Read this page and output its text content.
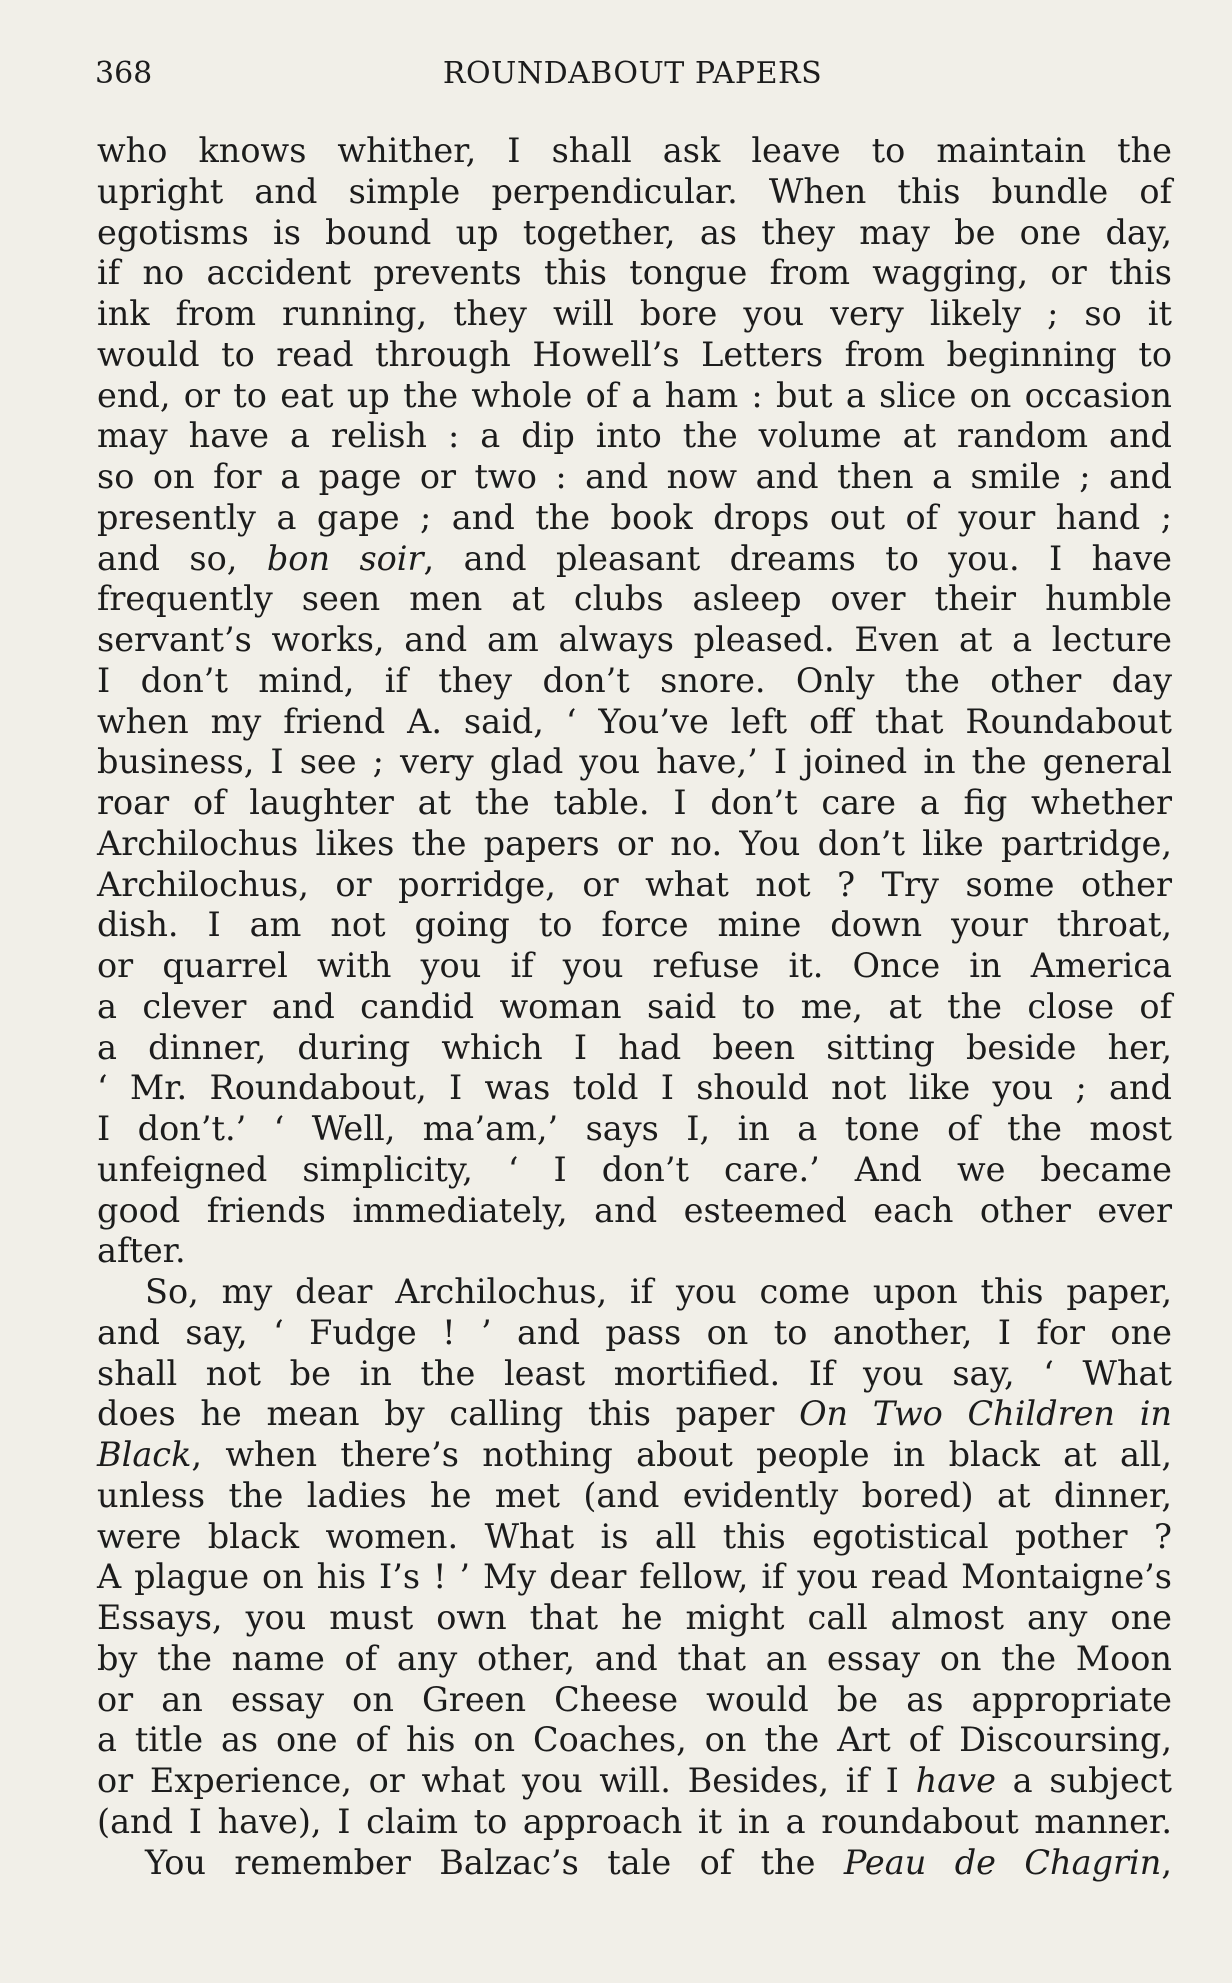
368	ROUNDABOUT PAPERS
who knows whither, I shall ask leave to maintain the
upright and simple perpendicular. When this bundle of
egotisms is bound up together, as they may be one day,
if no accident prevents this tongue from wagging, or this
ink from running, they will bore you very likely ; so it
would to read through Howell’s Letters from beginning to
end, or to eat up the whole of a ham : but a slice on occasion
may have a relish : a dip into the volume at random and
so on for a page or two : and now and then a smile ; and
presently a gape ; and the book drops out of your hand ;
and so, bon soir, and pleasant dreams to you. I have
frequently seen men at clubs asleep over their humble
servant’s works, and am always pleased. Even at a lecture
I don’t mind, if they don’t snore. Only the other day
when my friend A. said, ‘ You’ve left off that Roundabout
business, I see ; very glad you have,’ I joined in the general
roar of laughter at the table. I don’t care a fig whether
Archilochus likes the papers or no. You don’t like partridge,
Archilochus, or porridge, or what not ? Try some other
dish. I am not going to force mine down your throat,
or quarrel with you if you refuse it. Once in America
a clever and candid woman said to me, at the close of
a dinner, during which I had been sitting beside her,
‘ Mr. Roundabout, I was told I should not like you ; and
I don’t.’ ‘ Well, ma’am,’ says I, in a tone of the most
unfeigned simplicity, ‘ I don’t care.’ And we became
good friends immediately, and esteemed each other ever
after.
So, my dear Archilochus, if you come upon this paper,
and say, ‘ Fudge ! ’ and pass on to another, I for one
shall not be in the least mortified. If you say, ‘ What
does he mean by calling this paper On Two Children in
Black, when there’s nothing about people in black at all,
unless the ladies he met (and evidently bored) at dinner,
were black women. What is all this egotistical pother ?
A plague on his I’s ! ’ My dear fellow, if you read Montaigne’s
Essays, you must own that he might call almost any one
by the name of any other, and that an essay on the Moon
or an essay on Green Cheese would be as appropriate
a title as one of his on Coaches, on the Art of Discoursing,
or Experience, or what you will. Besides, if I have a subject
(and I have), I claim to approach it in a roundabout manner.
You remember Balzac’s tale of the Peau de Chagrin,
